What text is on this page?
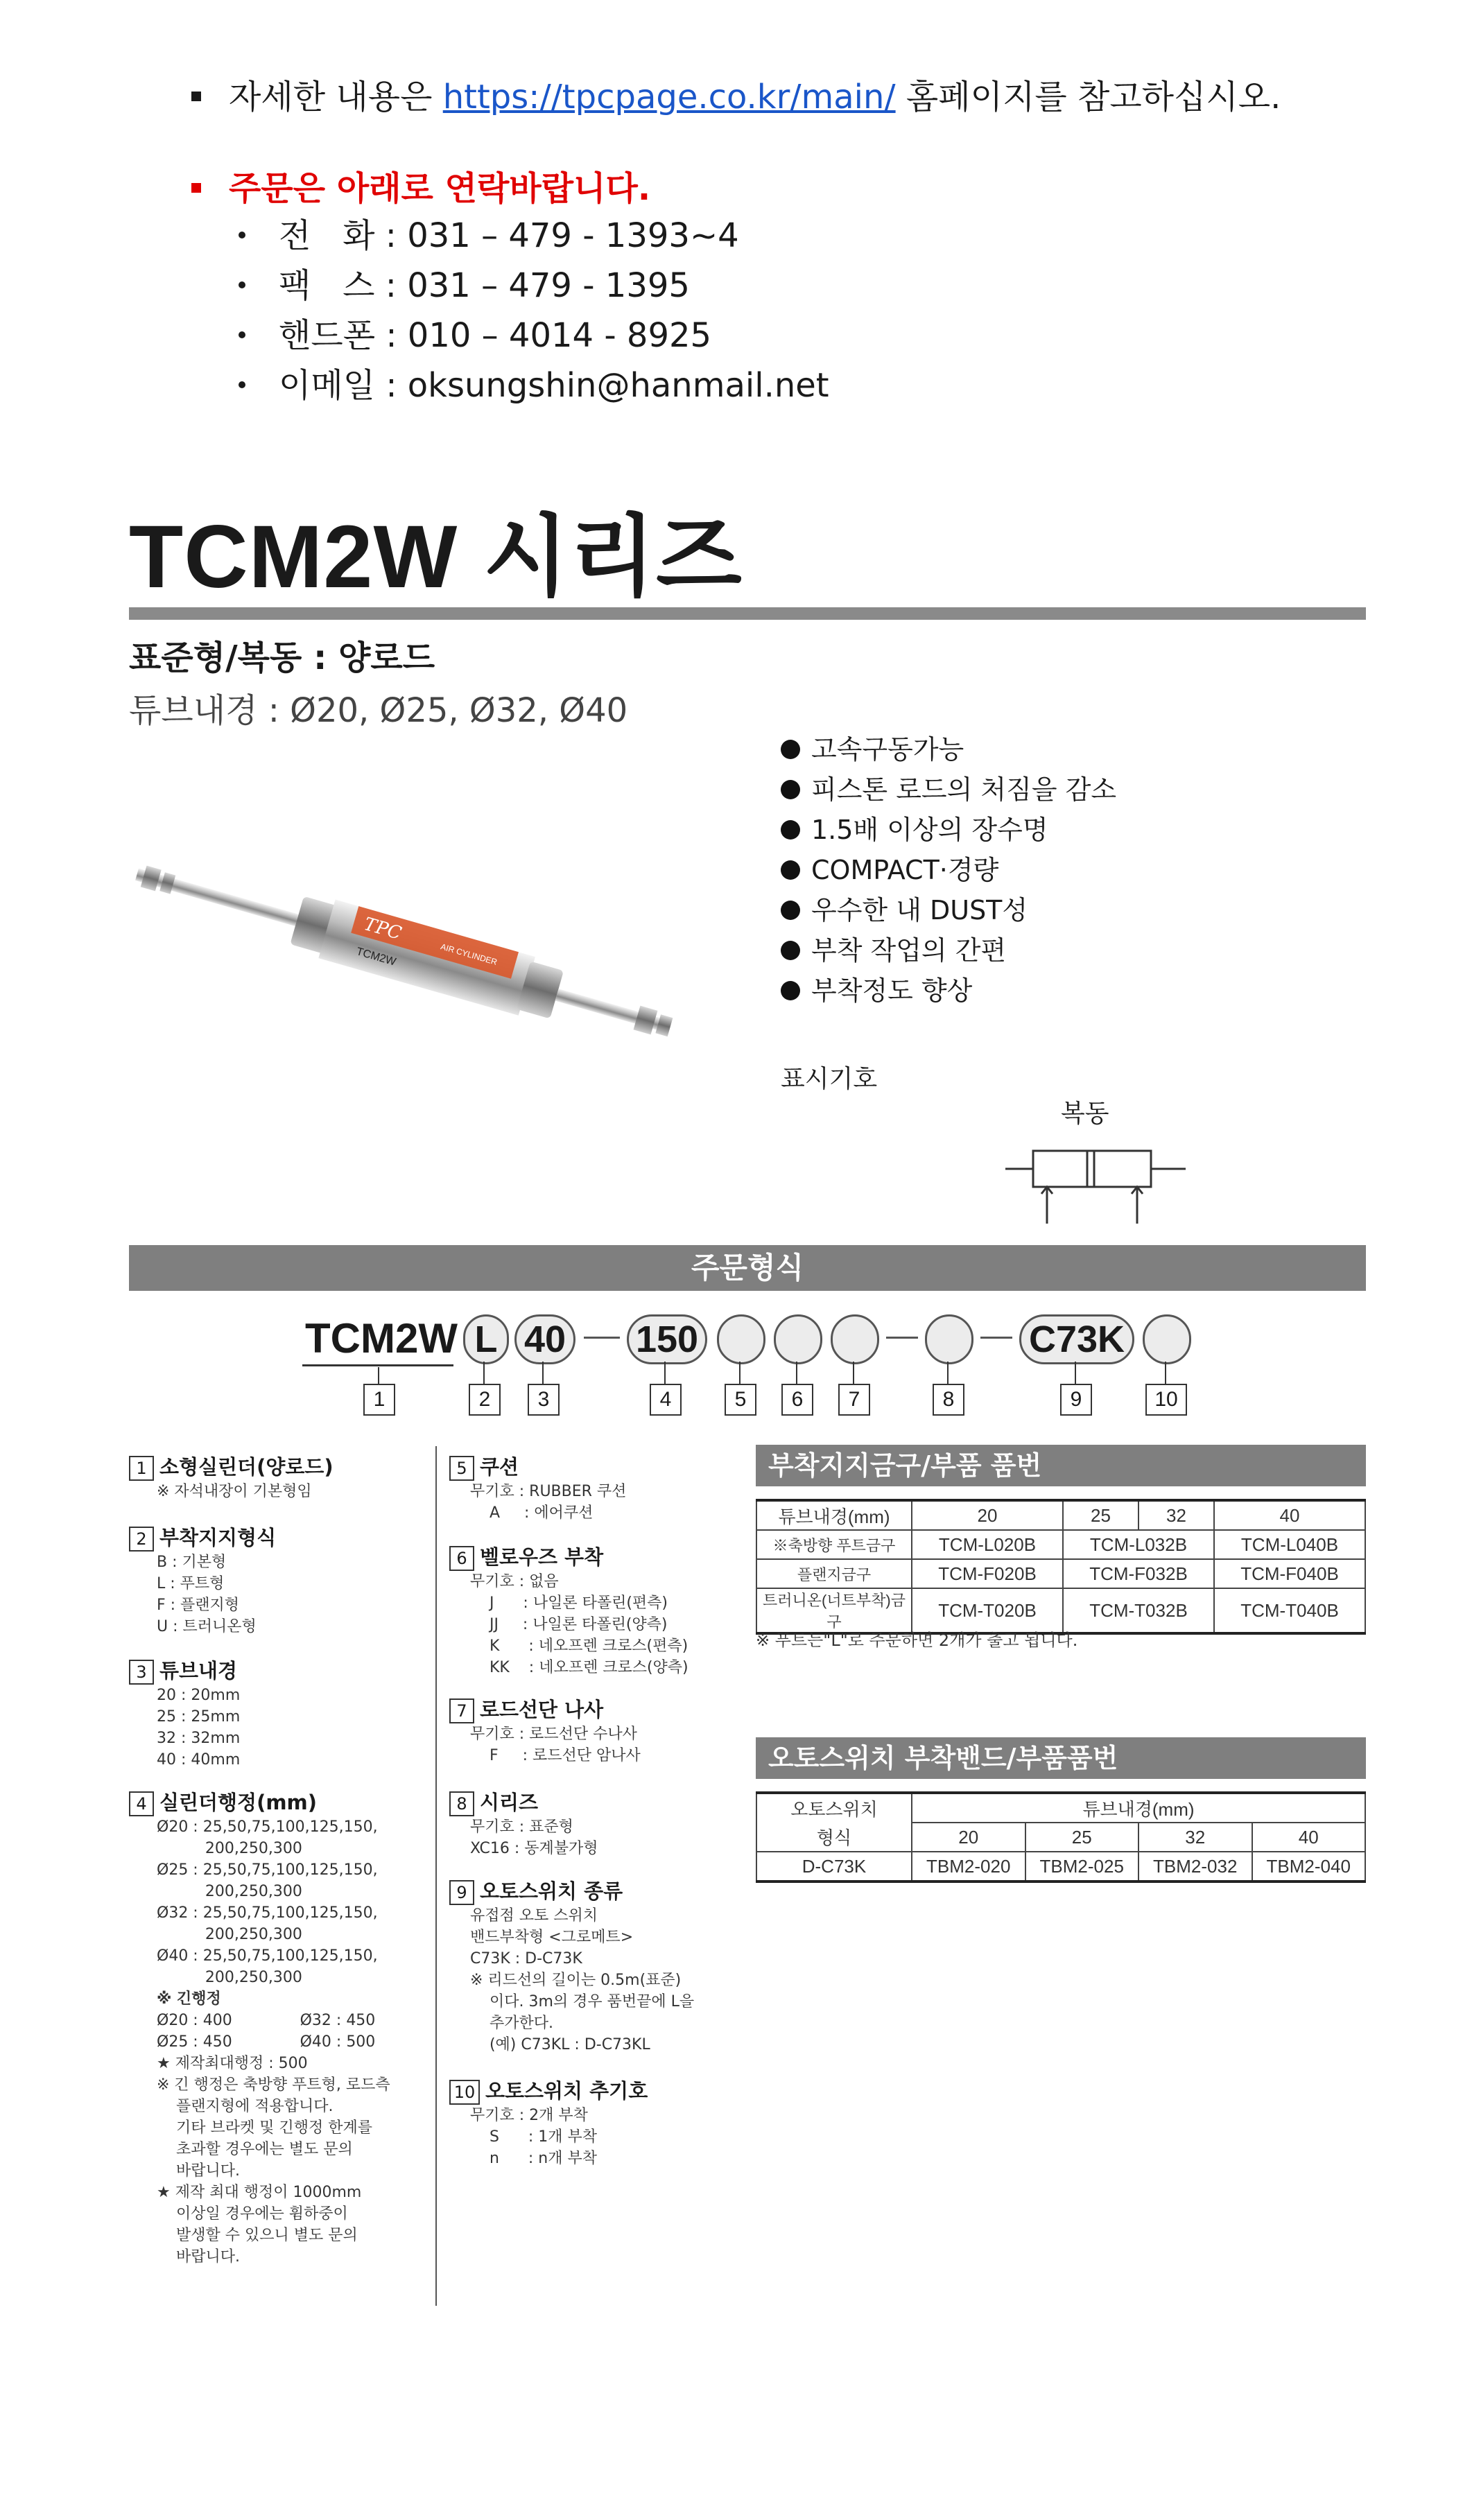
자세한 내용은 https://tpcpage.co.kr/main/ 홈페이지를 참고하십시오.
주문은 아래로 연락바랍니다.
전   화 : 031 – 479 - 1393~4
팩   스 : 031 – 479 - 1395
핸드폰 : 010 – 4014 - 8925
이메일 : oksungshin@hanmail.net
TCM2W 시리즈
표준형/복동 : 양로드
튜브내경 : Ø20, Ø25, Ø32, Ø40
TPC
TCM2W	AIR CYLINDER
고속구동가능
피스톤 로드의 처짐을 감소
1.5배 이상의 장수명
COMPACT·경량
우수한 내 DUST성
부착 작업의 간편
부착정도 향상
표시기호
복동
주문형식
TCM2W L 40 150	C73K
1	2	3	4	5	6	7	8	9	10
1 소형실린더(양로드)
※ 자석내장이 기본형임
2 부착지지형식
B : 기본형
L : 푸트형
F : 플랜지형
U : 트러니온형
3 튜브내경
20 : 20mm
25 : 25mm
32 : 32mm
40 : 40mm
4 실린더행정(mm)
Ø20 : 25,50,75,100,125,150,
200,250,300
Ø25 : 25,50,75,100,125,150,
200,250,300
Ø32 : 25,50,75,100,125,150,
200,250,300
Ø40 : 25,50,75,100,125,150,
200,250,300
※ 긴행정
Ø20 : 400              Ø32 : 450
Ø25 : 450              Ø40 : 500
★ 제작최대행정 : 500
※ 긴 행정은 축방향 푸트형, 로드측
플랜지형에 적용합니다.
기타 브라켓 및 긴행정 한계를
초과할 경우에는 별도 문의
바랍니다.
★ 제작 최대 행정이 1000mm
이상일 경우에는 휨하중이
발생할 수 있으니 별도 문의
바랍니다.
5 쿠션
무기호 : RUBBER 쿠션
A     : 에어쿠션
6 벨로우즈 부착
무기호 : 없음
J      : 나일론 타폴린(편측)
JJ     : 나일론 타폴린(양측)
K      : 네오프렌 크로스(편측)
KK    : 네오프렌 크로스(양측)
7 로드선단 나사
무기호 : 로드선단 수나사
F     : 로드선단 암나사
8 시리즈
무기호 : 표준형
XC16 : 동계불가형
9 오토스위치 종류
유접점 오토 스위치
밴드부착형 <그로메트>
C73K : D-C73K
※ 리드선의 길이는 0.5m(표준)
이다. 3m의 경우 품번끝에 L을
추가한다.
(예) C73KL : D-C73KL
10 오토스위치 추기호
무기호 : 2개 부착
S      : 1개 부착
n      : n개 부착
부착지지금구/부품 품번
튜브내경(mm)	20	25	32	40
※축방향 푸트금구	TCM-L020B	TCM-L032B		TCM-L040B
플랜지금구	TCM-F020B	TCM-F032B		TCM-F040B
트러니온(너트부착)금구	TCM-T020B	TCM-T032B		TCM-T040B
※ 푸트는"L"로 주문하면 2개가 출고 됩니다.
오토스위치 부착밴드/부품품번
오토스위치	튜브내경(mm)			
형식	20	25	32	40
D-C73K	TBM2-020	TBM2-025	TBM2-032	TBM2-040
